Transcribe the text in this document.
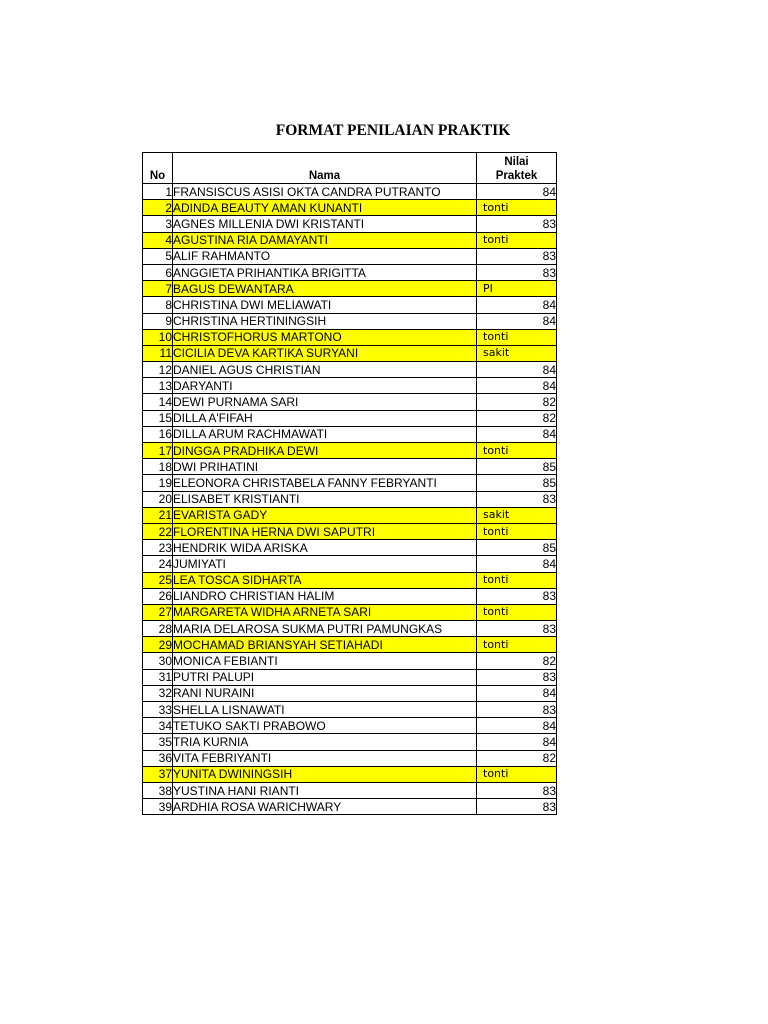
FORMAT PENILAIAN PRAKTIK
No	Nama	Nilai
Praktek

1	FRANSISCUS ASISI OKTA CANDRA PUTRANTO	84
2	ADINDA BEAUTY AMAN KUNANTI	tonti
3	AGNES MILLENIA DWI KRISTANTI	83
4	AGUSTINA RIA DAMAYANTI	tonti
5	ALIF RAHMANTO	83
6	ANGGIETA PRIHANTIKA BRIGITTA	83
7	BAGUS DEWANTARA	PI
8	CHRISTINA DWI MELIAWATI	84
9	CHRISTINA HERTININGSIH	84
10	CHRISTOFHORUS MARTONO	tonti
11	CICILIA DEVA KARTIKA SURYANI	sakit
12	DANIEL AGUS CHRISTIAN	84
13	DARYANTI	84
14	DEWI PURNAMA SARI	82
15	DILLA A'FIFAH	82
16	DILLA ARUM RACHMAWATI	84
17	DINGGA PRADHIKA DEWI	tonti
18	DWI PRIHATINI	85
19	ELEONORA CHRISTABELA FANNY FEBRYANTI	85
20	ELISABET KRISTIANTI	83
21	EVARISTA GADY	sakit
22	FLORENTINA HERNA DWI SAPUTRI	tonti
23	HENDRIK WIDA ARISKA	85
24	JUMIYATI	84
25	LEA TOSCA SIDHARTA	tonti
26	LIANDRO CHRISTIAN HALIM	83
27	MARGARETA WIDHA ARNETA SARI	tonti
28	MARIA DELAROSA SUKMA PUTRI PAMUNGKAS	83
29	MOCHAMAD BRIANSYAH SETIAHADI	tonti
30	MONICA FEBIANTI	82
31	PUTRI PALUPI	83
32	RANI NURAINI	84
33	SHELLA LISNAWATI	83
34	TETUKO SAKTI PRABOWO	84
35	TRIA KURNIA	84
36	VITA FEBRIYANTI	82
37	YUNITA DWININGSIH	tonti
38	YUSTINA HANI RIANTI	83
39	ARDHIA ROSA WARICHWARY	83
